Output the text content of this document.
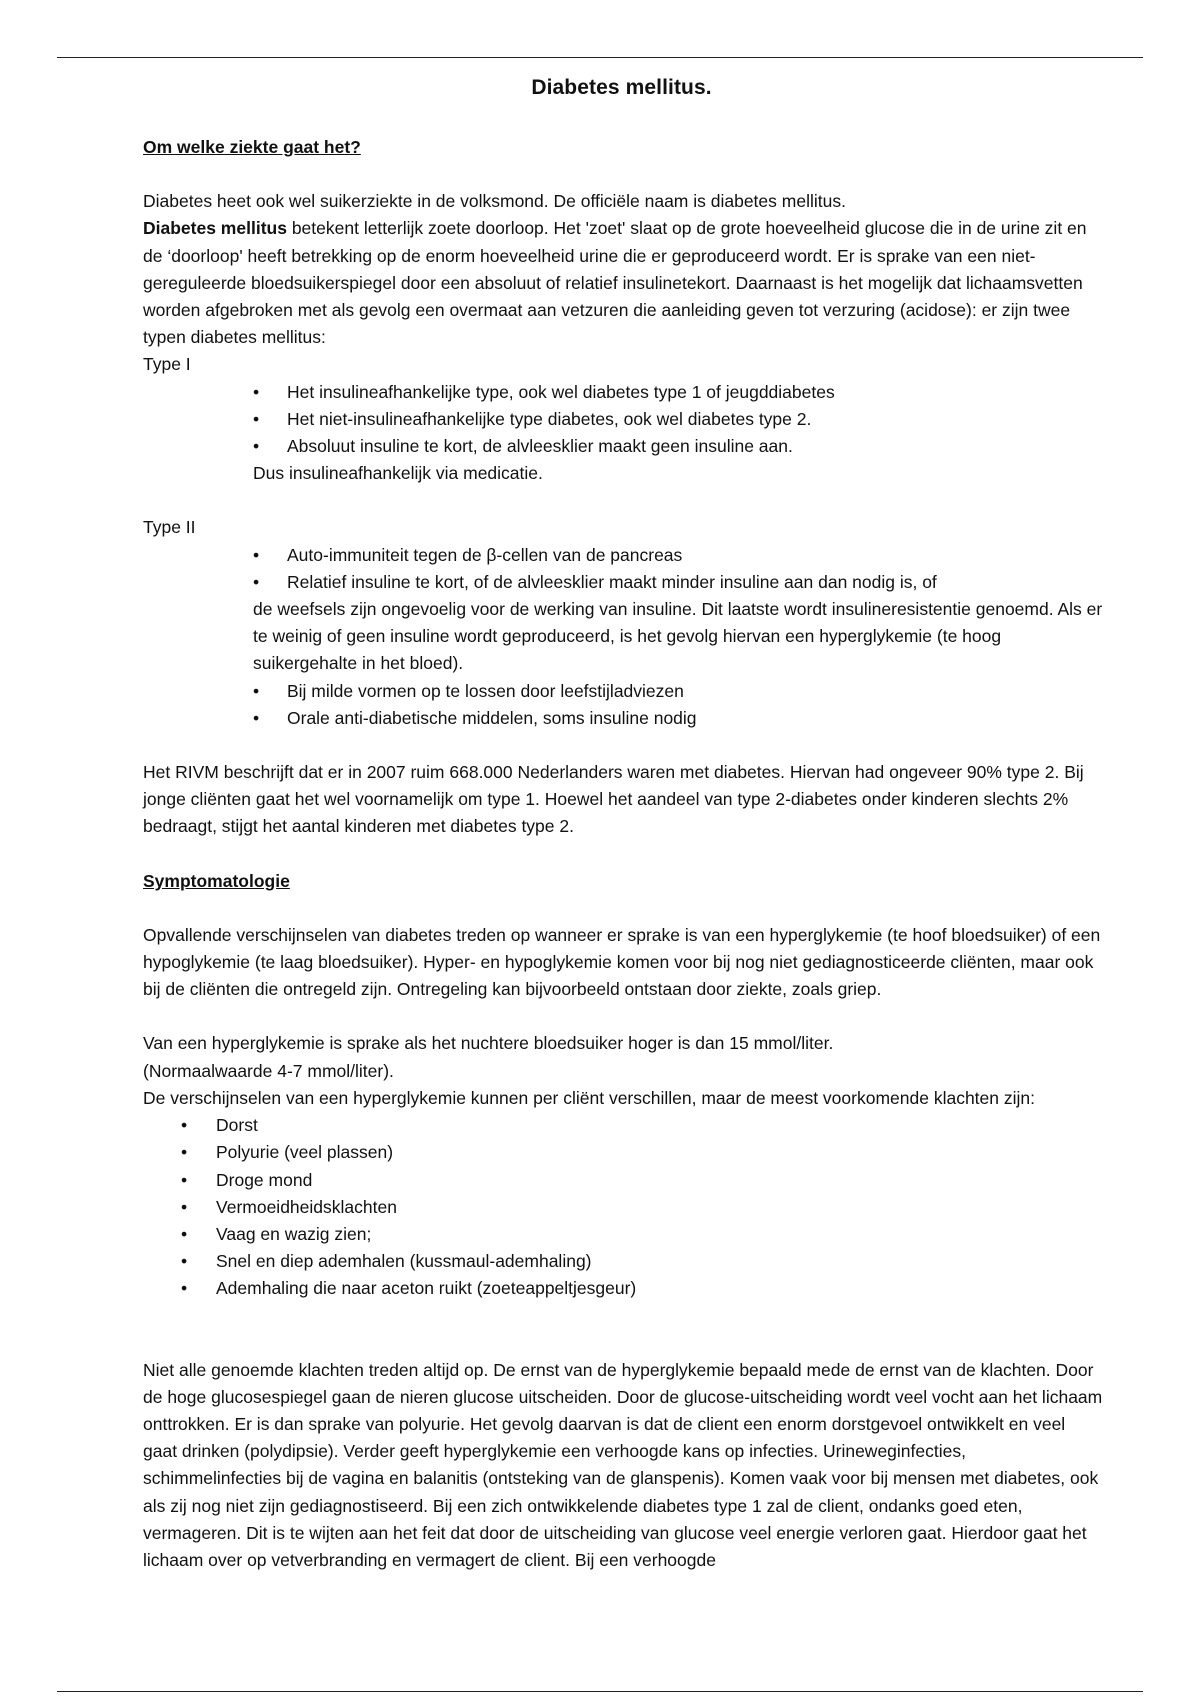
Diabetes mellitus.

Om welke ziekte gaat het?

Diabetes heet ook wel suikerziekte in de volksmond. De officiële naam is diabetes mellitus.

Diabetes mellitus betekent letterlijk zoete doorloop. Het 'zoet' slaat op de grote hoeveelheid glucose die in de urine zit en de ‘doorloop' heeft betrekking op de enorm hoeveelheid urine die er geproduceerd wordt. Er is sprake van een niet- gereguleerde bloedsuikerspiegel door een absoluut of relatief insulinetekort. Daarnaast is het mogelijk dat lichaamsvetten worden afgebroken met als gevolg een overmaat aan vetzuren die aanleiding geven tot verzuring (acidose): er zijn twee typen diabetes mellitus:

Type I

• Het insulineafhankelijke type, ook wel diabetes type 1 of jeugddiabetes
• Het niet-insulineafhankelijke type diabetes, ook wel diabetes type 2.
• Absoluut insuline te kort, de alvleesklier maakt geen insuline aan.

Dus insulineafhankelijk via medicatie.

Type II

• Auto-immuniteit tegen de β-cellen van de pancreas
• Relatief insuline te kort, of de alvleesklier maakt minder insuline aan dan nodig is, of
de weefsels zijn ongevoelig voor de werking van insuline. Dit laatste wordt insulineresistentie genoemd. Als er te weinig of geen insuline wordt geproduceerd, is het gevolg hiervan een hyperglykemie (te hoog suikergehalte in het bloed).
• Bij milde vormen op te lossen door leefstijladviezen
• Orale anti-diabetische middelen, soms insuline nodig

Het RIVM beschrijft dat er in 2007 ruim 668.000 Nederlanders waren met diabetes. Hiervan had ongeveer 90% type 2. Bij jonge cliënten gaat het wel voornamelijk om type 1. Hoewel het aandeel van type 2-diabetes onder kinderen slechts 2% bedraagt, stijgt het aantal kinderen met diabetes type 2.

Symptomatologie

Opvallende verschijnselen van diabetes treden op wanneer er sprake is van een hyperglykemie (te hoof bloedsuiker) of een hypoglykemie (te laag bloedsuiker). Hyper- en hypoglykemie komen voor bij nog niet gediagnosticeerde cliënten, maar ook bij de cliënten die ontregeld zijn. Ontregeling kan bijvoorbeeld ontstaan door ziekte, zoals griep.

Van een hyperglykemie is sprake als het nuchtere bloedsuiker hoger is dan 15 mmol/liter.

(Normaalwaarde 4-7 mmol/liter).

De verschijnselen van een hyperglykemie kunnen per cliënt verschillen, maar de meest voorkomende klachten zijn:

• Dorst
• Polyurie (veel plassen)
• Droge mond
• Vermoeidheidsklachten
• Vaag en wazig zien;
• Snel en diep ademhalen (kussmaul-ademhaling)
• Ademhaling die naar aceton ruikt (zoeteappeltjesgeur)

Niet alle genoemde klachten treden altijd op. De ernst van de hyperglykemie bepaald mede de ernst van de klachten. Door de hoge glucosespiegel gaan de nieren glucose uitscheiden. Door de glucose-uitscheiding wordt veel vocht aan het lichaam onttrokken. Er is dan sprake van polyurie. Het gevolg daarvan is dat de client een enorm dorstgevoel ontwikkelt en veel gaat drinken (polydipsie). Verder geeft hyperglykemie een verhoogde kans op infecties. Urineweginfecties, schimmelinfecties bij de vagina en balanitis (ontsteking van de glanspenis). Komen vaak voor bij mensen met diabetes, ook als zij nog niet zijn gediagnostiseerd. Bij een zich ontwikkelende diabetes type 1 zal de client, ondanks goed eten, vermageren. Dit is te wijten aan het feit dat door de uitscheiding van glucose veel energie verloren gaat. Hierdoor gaat het lichaam over op vetverbranding en vermagert de client. Bij een verhoogde
